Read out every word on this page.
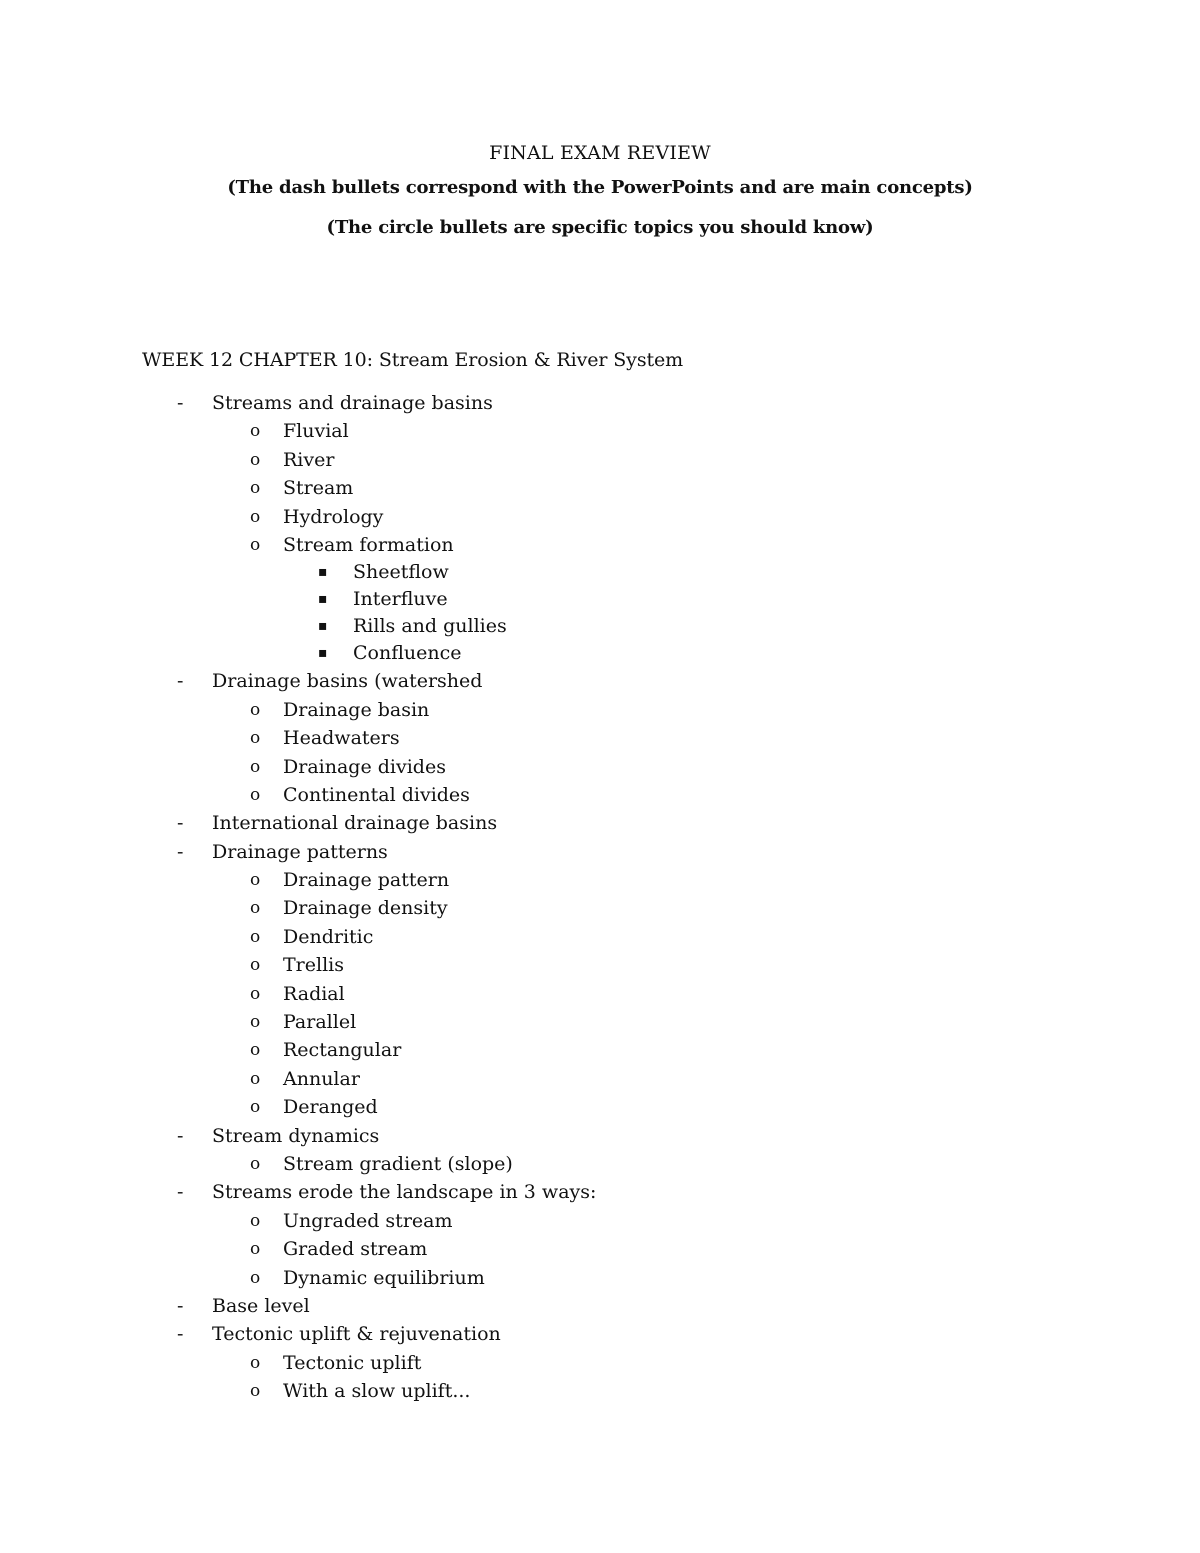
FINAL EXAM REVIEW

(The dash bullets correspond with the PowerPoints and are main concepts)

(The circle bullets are specific topics you should know)

WEEK 12 CHAPTER 10: Stream Erosion & River System

- Streams and drainage basins
o Fluvial
o River
o Stream
o Hydrology
o Stream formation
▪ Sheetflow
▪ Interfluve
▪ Rills and gullies
▪ Confluence
- Drainage basins (watershed
o Drainage basin
o Headwaters
o Drainage divides
o Continental divides
- International drainage basins
- Drainage patterns
o Drainage pattern
o Drainage density
o Dendritic
o Trellis
o Radial
o Parallel
o Rectangular
o Annular
o Deranged
- Stream dynamics
o Stream gradient (slope)
- Streams erode the landscape in 3 ways:
o Ungraded stream
o Graded stream
o Dynamic equilibrium
- Base level
- Tectonic uplift & rejuvenation
o Tectonic uplift
o With a slow uplift...
